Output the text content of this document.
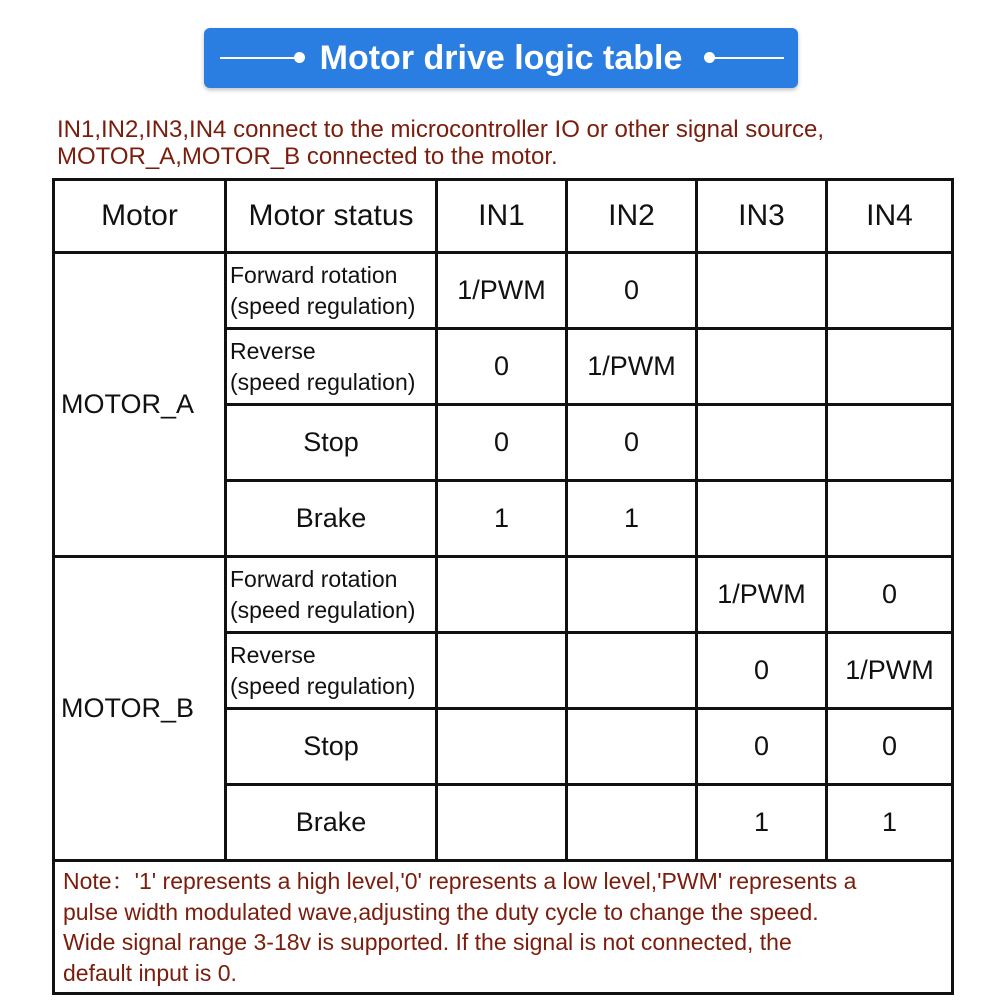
Motor drive logic table

IN1,IN2,IN3,IN4 connect to the microcontroller IO or other signal source,

MOTOR_A,MOTOR_B connected to the motor.

Motor	Motor status	IN1	IN2	IN3	IN4
MOTOR_A	Forward rotation
(speed regulation)	1/PWM	0		

	Reverse
(speed regulation)	0	1/PWM		
	Stop	0	0		
	Brake	1	1		
MOTOR_B	Forward rotation
(speed regulation)			1/PWM	0

	Reverse
(speed regulation)			0	1/PWM
	Stop			0	0
	Brake			1	1

Note：'1' represents a high level,'0' represents a low level,'PWM' represents a

pulse width modulated wave,adjusting the duty cycle to change the speed.

Wide signal range 3-18v is supported. If the signal is not connected, the

default input is 0.					
